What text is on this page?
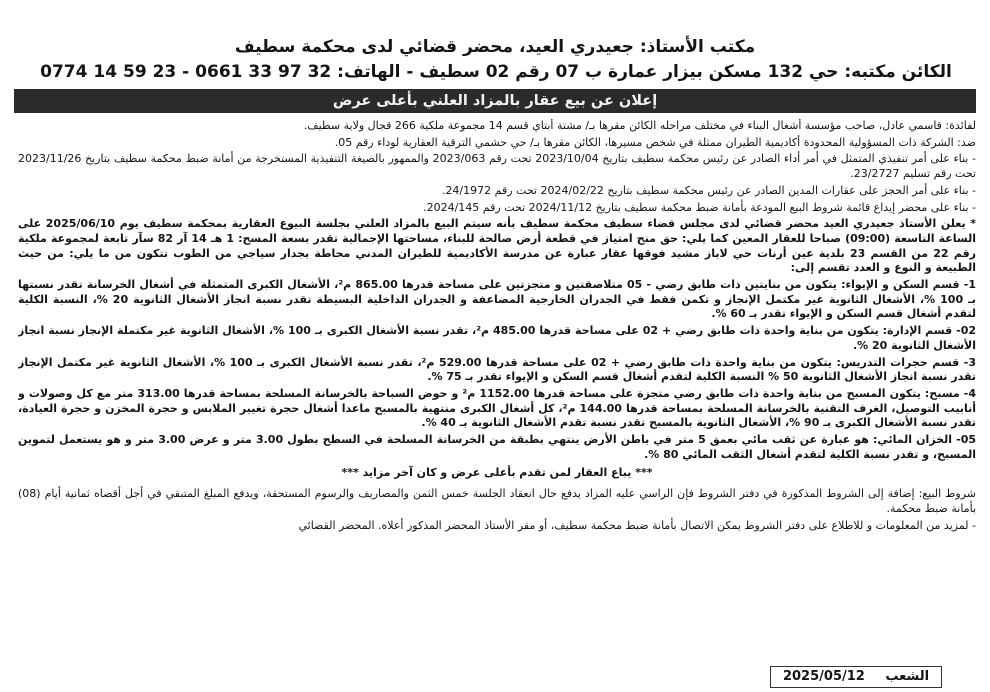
مكتب الأستاذ: جعيدري العيد، محضر قضائي لدى محكمة سطيف
الكائن مكتبه: حي 132 مسكن بيزار عمارة ب 07 رقم 02 سطيف - الهاتف: 32 97 33 0661 - 23 59 14 0774
إعلان عن بيع عقار بالمزاد العلني بأعلى عرض

لفائدة: قاسمي عادل، صاحب مؤسسة أشغال البناء في مختلف مراحله الكائن مقرها بـ/ مشتة أبتاي قسم 14 مجموعة ملكية 266 قجال ولاية سطيف.

ضد: الشركة ذات المسؤولية المحدودة أكاديمية الطيران ممثلة في شخص مسيرها، الكائن مقرها بـ/ حي حشمي الترقية العقارية لوداء رقم 05.

- بناء على أمر تنفيذي المتمثل في أمر أداء الصادر عن رئيس محكمة سطيف بتاريخ 2023/10/04 تحت رقم 2023/063 والممهور بالصيغة التنفيذية المستخرجة من أمانة ضبط محكمة سطيف بتاريخ 2023/11/26 تحت رقم تسليم 23/2727.

- بناء على أمر الحجز على عقارات المدين الصادر عن رئيس محكمة سطيف بتاريخ 2024/02/22 تحت رقم 24/1972.

- بناء على محضر إيداع قائمة شروط البيع المودعة بأمانة ضبط محكمة سطيف بتاريخ 2024/11/12 تحت رقم 2024/145.

* يعلن الأستاذ جعيدري العيد محضر قضائي لدى مجلس قضاء سطيف محكمة سطيف بأنه سيتم البيع بالمزاد العلني بجلسة البيوع العقارية بمحكمة سطيف يوم 2025/06/10 على الساعة التاسعة (09:00) صباحا للعقار المعين كما يلي: حق منح امتياز في قطعة أرض صالحة للبناء، مساحتها الإجمالية تقدر بسعة المسح: 1 هـ 14 آر 82 سآر تابعة لمجموعة ملكية رقم 22 من القسم 23 بلدية عين أرنات حي لاباز مشيد فوقها عقار عبارة عن مدرسة الأكاديمية للطيران المدني محاطة بجدار سياجي من الطوب تتكون من ما يلي: من حيث الطبيعة و النوع و العدد تقسم إلى:

1- قسم السكن و الإيواء: يتكون من بنايتين ذات طابق رضي - 05 متلاصقتين و متجزتين على مساحة قدرها 865.00 م²، الأشغال الكبرى المتمثلة في أشغال الخرسانة تقدر نسبتها بـ 100 %، الأشغال الثانوية غير مكتمل الإنجاز و تكمن فقط في الجدران الخارجية المضاعفة و الجدران الداخلية البسيطة تقدر نسبة انجاز الأشغال الثانوية 20 %، النسبة الكلية لتقدم أشغال قسم السكن و الإيواء تقدر بـ 60 %.

02- قسم الإدارة: يتكون من بناية واحدة ذات طابق رضي + 02 على مساحة قدرها 485.00 م²، تقدر نسبة الأشغال الكبرى بـ 100 %، الأشغال الثانوية غير مكتملة الإنجاز نسبة انجاز الأشغال الثانوية 20 %.

3- قسم حجرات التدريس: يتكون من بناية واحدة ذات طابق رضي + 02 على مساحة قدرها 529.00 م²، تقدر نسبة الأشغال الكبرى بـ 100 %، الأشغال الثانوية غير مكتمل الإنجاز تقدر نسبة انجاز الأشغال الثانوية 50 % النسبة الكلية لتقدم أشغال قسم السكن و الإيواء تقدر بـ 75 %.

4- مسبح: يتكون المسبح من بناية واحدة ذات طابق رضي متجزة على مساحة قدرها 1152.00 م² و حوض السباحة بالخرسانة المسلحة بمساحة قدرها 313.00 متر مع كل وصولات و أنابيب التوصيل، الغرف التقنية بالخرسانة المسلحة بمساحة قدرها 144.00 م²، كل أشغال الكبرى منتهية بالمسبح ماعدا أشغال حجرة تغيير الملابس و حجرة المخزن و حجرة العيادة، تقدر نسبة الأشغال الكبرى بـ 90 %، الأشغال الثانوية بالمسبح تقدر نسبة تقدم الأشغال الثانوية بـ 40 %.

05- الخزان المائي: هو عبارة عن ثقب مائي بعمق 5 متر في باطن الأرض ينتهي بطبقة من الخرسانة المسلحة في السطح بطول 3.00 متر و عرض 3.00 متر و هو يستعمل لتموين المسبح، و تقدر نسبة الكلية لتقدم أشغال الثقب المائي 80 %.

*** يباع العقار لمن تقدم بأعلى عرض و كان آخر مزايد ***

شروط البيع: إضافة إلى الشروط المذكورة في دفتر الشروط فإن الراسي عليه المزاد يدفع حال انعقاد الجلسة خمس الثمن والمصاريف والرسوم المستحقة، ويدفع المبلغ المتبقي في أجل أقصاه ثمانية أيام (08) بأمانة ضبط محكمة.

- لمزيد من المعلومات و للاطلاع على دفتر الشروط يمكن الاتصال بأمانة ضبط محكمة سطيف، أو مقر الأستاذ المحضر المذكور أعلاه. المحضر القضائي

الشعب 2025/05/12
